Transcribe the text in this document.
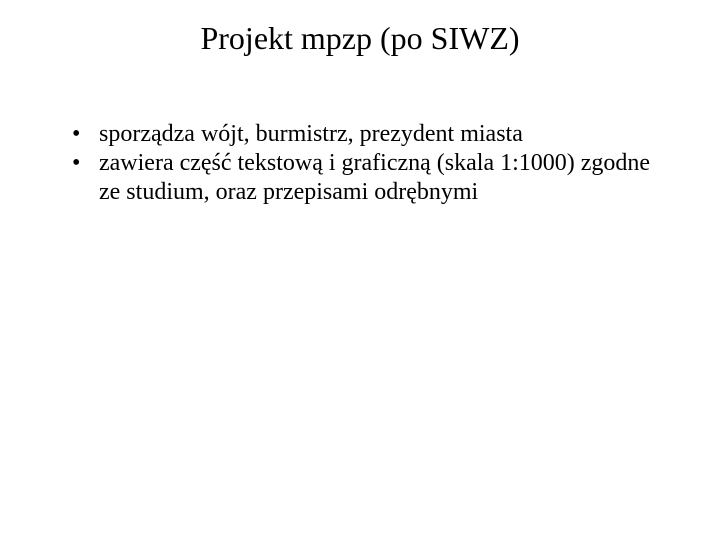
Projekt mpzp (po SIWZ)
• sporządza wójt, burmistrz, prezydent miasta
• zawiera część tekstową i graficzną (skala 1:1000) zgodne ze studium, oraz przepisami odrębnymi
